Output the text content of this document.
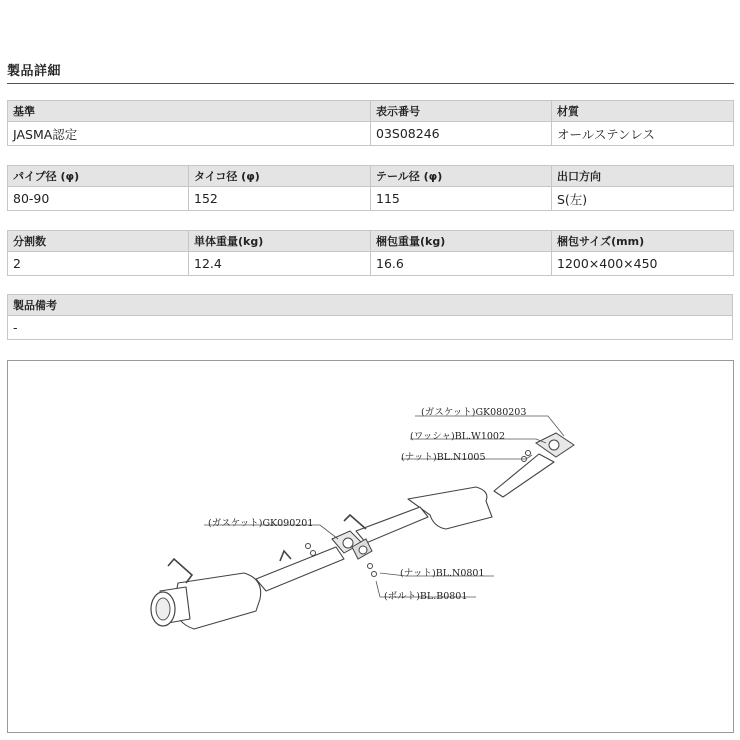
製品詳細
基準	表示番号	材質
JASMA認定	03S08246	オールステンレス
パイプ径 (φ)	タイコ径 (φ)	テール径 (φ)	出口方向
80-90	152	115	S(左)
分割数	単体重量(kg)	梱包重量(kg)	梱包サイズ(mm)
2	12.4	16.6	1200×400×450
製品備考
-
(ガスケット)GK080203
(ワッシャ)BL.W1002
(ナット)BL.N1005
(ガスケット)GK090201
(ナット)BL.N0801
(ボルト)BL.B0801
